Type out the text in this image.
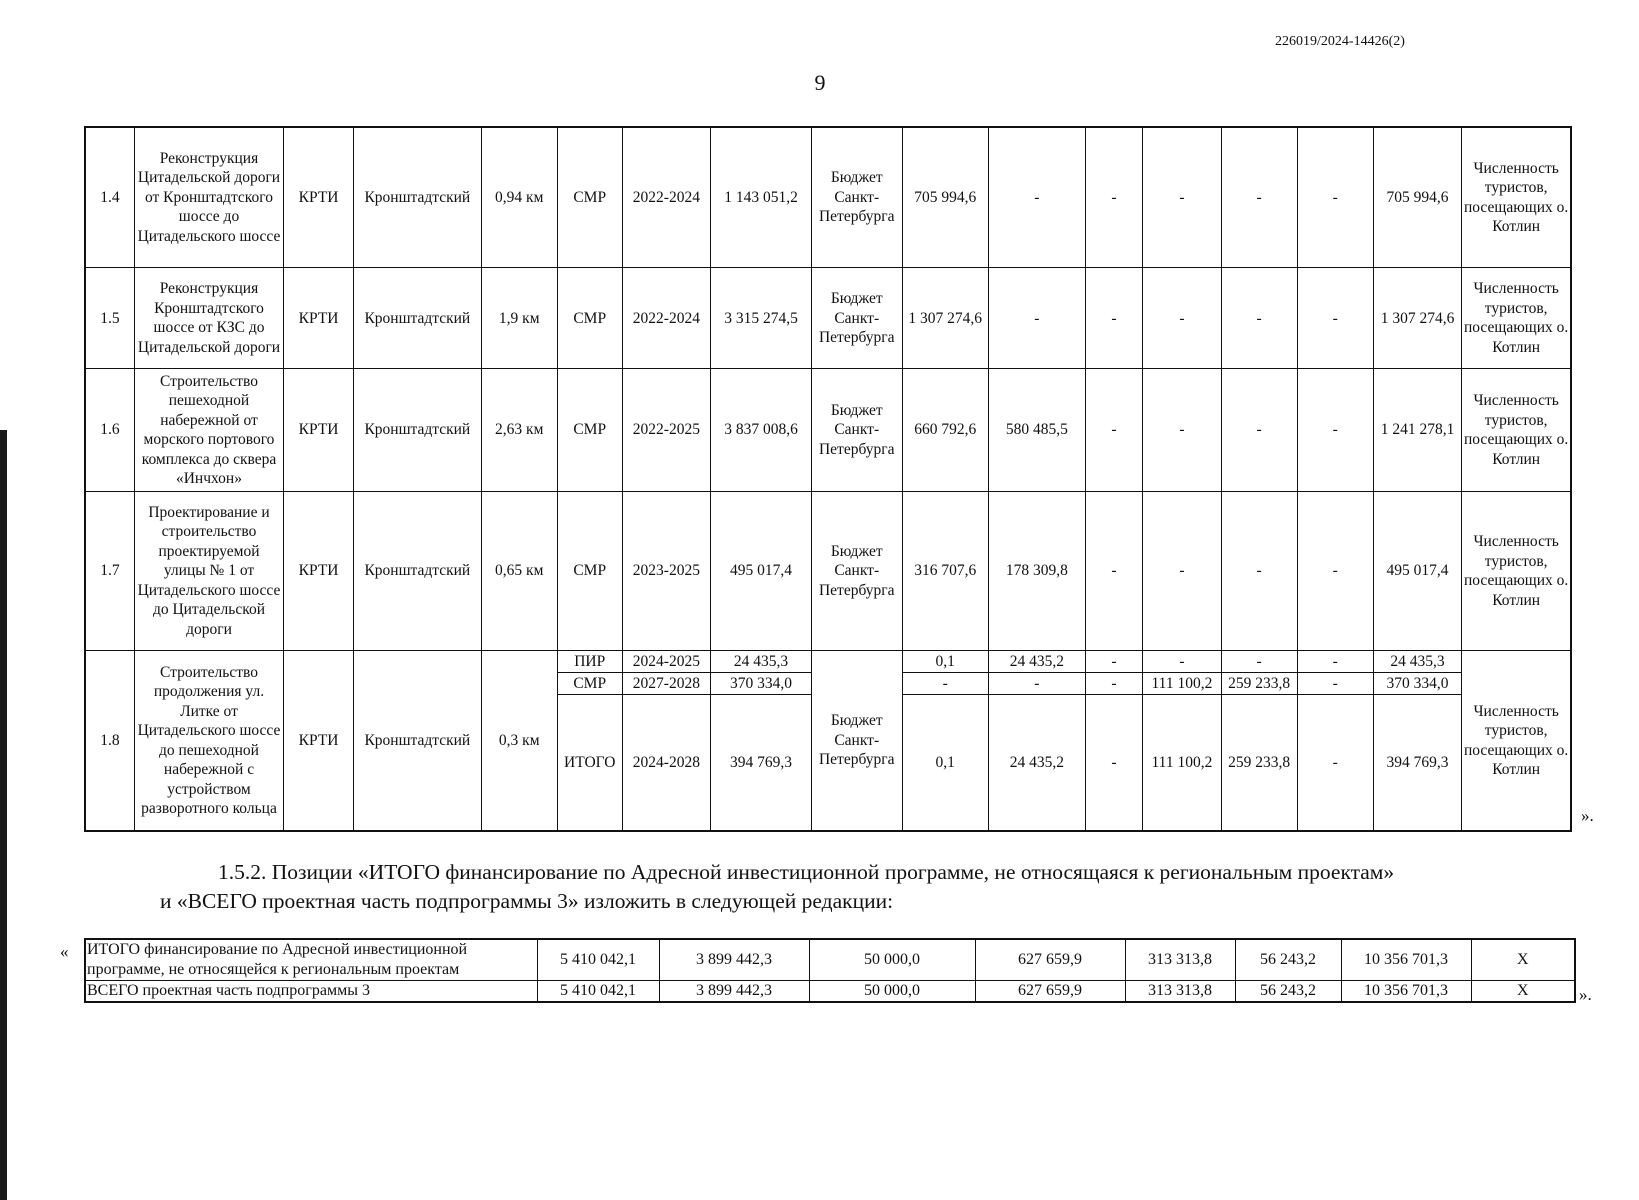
226019/2024-14426(2)
9
1.4	Реконструкция Цитадельской дороги от Кронштадтского шоссе до Цитадельского шоссе	КРТИ	Кронштадтский	0,94 км	СМР	2022-2024	1 143 051,2	Бюджет Санкт-Петербурга	705 994,6	-	-	-	-	-	705 994,6	Численность туристов, посещающих о. Котлин
1.5	Реконструкция Кронштадтского шоссе от КЗС до Цитадельской дороги	КРТИ	Кронштадтский	1,9 км	СМР	2022-2024	3 315 274,5	Бюджет Санкт-Петербурга	1 307 274,6	-	-	-	-	-	1 307 274,6	Численность туристов, посещающих о. Котлин
1.6	Строительство пешеходной набережной от морского портового комплекса до сквера «Инчхон»	КРТИ	Кронштадтский	2,63 км	СМР	2022-2025	3 837 008,6	Бюджет Санкт-Петербурга	660 792,6	580 485,5	-	-	-	-	1 241 278,1	Численность туристов, посещающих о. Котлин
1.7	Проектирование и строительство проектируемой улицы № 1 от Цитадельского шоссе до Цитадельской дороги	КРТИ	Кронштадтский	0,65 км	СМР	2023-2025	495 017,4	Бюджет Санкт-Петербурга	316 707,6	178 309,8	-	-	-	-	495 017,4	Численность туристов, посещающих о. Котлин
1.8	Строительство продолжения ул. Литке от Цитадельского шоссе до пешеходной набережной с устройством разворотного кольца	КРТИ	Кронштадтский	0,3 км	ПИР	2024-2025	24 435,3	Бюджет Санкт-Петербурга	0,1	24 435,2	-	-	-	-	24 435,3	Численность туристов, посещающих о. Котлин
					СМР	2027-2028	370 334,0		-	-	-	111 100,2	259 233,8	-	370 334,0	
					ИТОГО	2024-2028	394 769,3		0,1	24 435,2	-	111 100,2	259 233,8	-	394 769,3	
».
1.5.2. Позиции «ИТОГО финансирование по Адресной инвестиционной программе, не относящаяся к региональным проектам»
и «ВСЕГО проектная часть подпрограммы 3» изложить в следующей редакции:
« ИТОГО финансирование по Адресной инвестиционной программе, не относящейся к региональным проектам	5 410 042,1	3 899 442,3	50 000,0	627 659,9	313 313,8	56 243,2	10 356 701,3	Х
ВСЕГО проектная часть подпрограммы 3	5 410 042,1	3 899 442,3	50 000,0	627 659,9	313 313,8	56 243,2	10 356 701,3	Х	».
